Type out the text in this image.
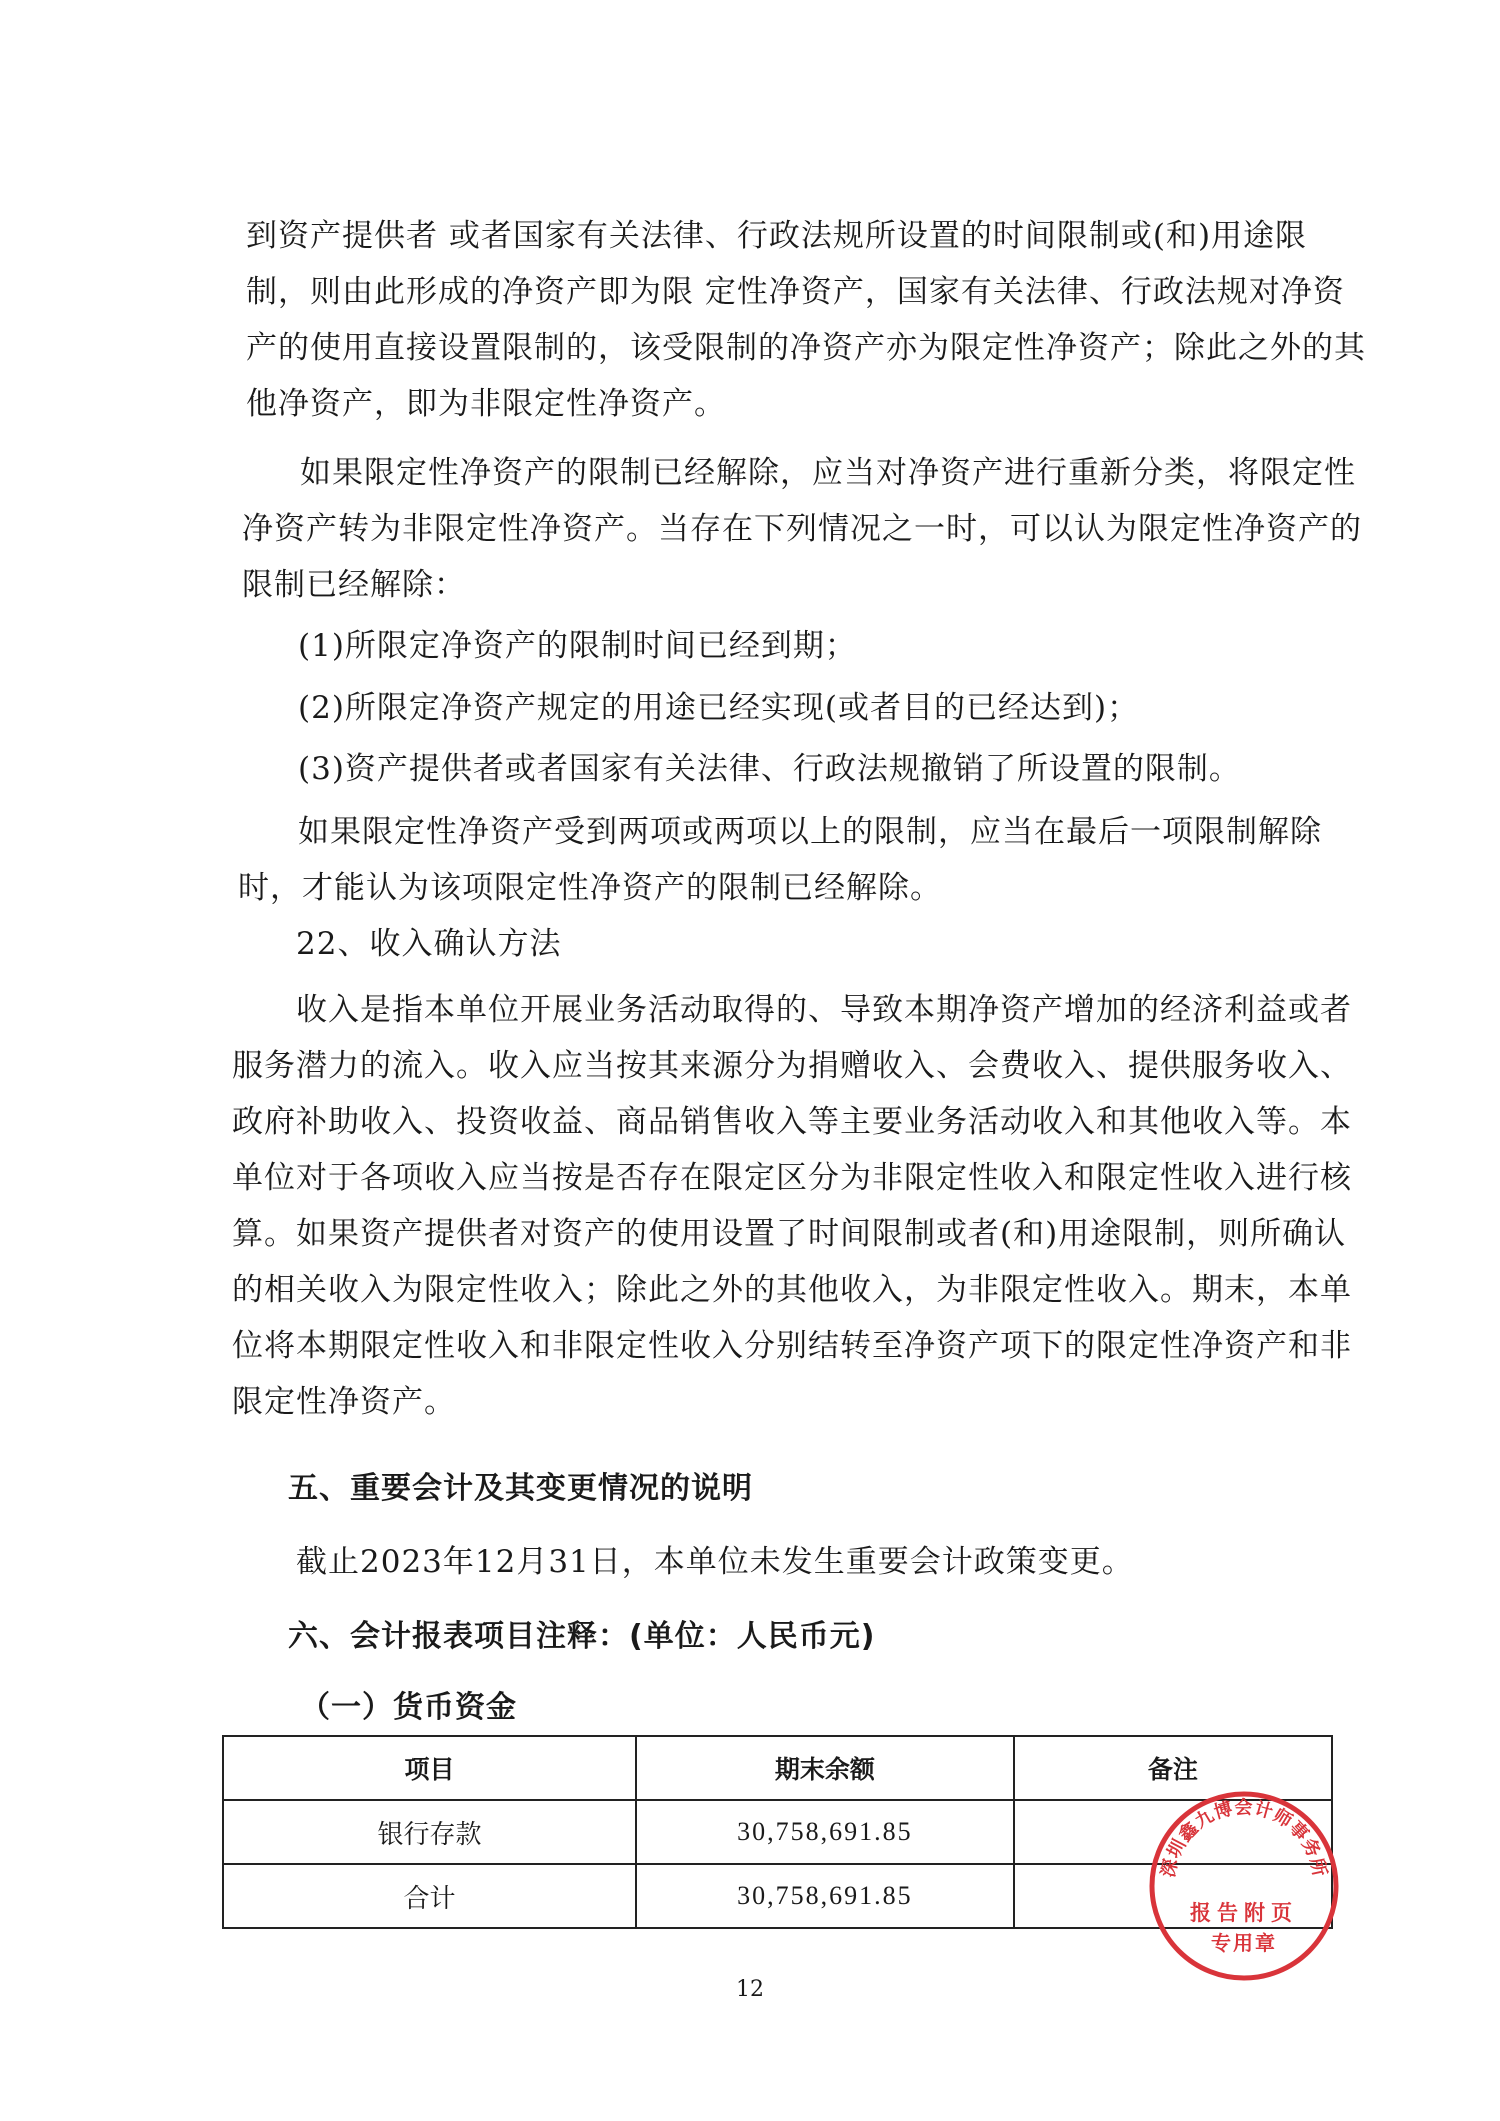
到资产提供者 或者国家有关法律、行政法规所设置的时间限制或(和)用途限
制，则由此形成的净资产即为限 定性净资产，国家有关法律、行政法规对净资
产的使用直接设置限制的，该受限制的净资产亦为限定性净资产；除此之外的其
他净资产，即为非限定性净资产。
如果限定性净资产的限制已经解除，应当对净资产进行重新分类，将限定性
净资产转为非限定性净资产。当存在下列情况之一时，可以认为限定性净资产的
限制已经解除：
(1)所限定净资产的限制时间已经到期；
(2)所限定净资产规定的用途已经实现(或者目的已经达到)；
(3)资产提供者或者国家有关法律、行政法规撤销了所设置的限制。
如果限定性净资产受到两项或两项以上的限制，应当在最后一项限制解除
时，才能认为该项限定性净资产的限制已经解除。
22、收入确认方法
收入是指本单位开展业务活动取得的、导致本期净资产增加的经济利益或者
服务潜力的流入。收入应当按其来源分为捐赠收入、会费收入、提供服务收入、
政府补助收入、投资收益、商品销售收入等主要业务活动收入和其他收入等。本
单位对于各项收入应当按是否存在限定区分为非限定性收入和限定性收入进行核
算。如果资产提供者对资产的使用设置了时间限制或者(和)用途限制，则所确认
的相关收入为限定性收入；除此之外的其他收入，为非限定性收入。期末，本单
位将本期限定性收入和非限定性收入分别结转至净资产项下的限定性净资产和非
限定性净资产。
五、重要会计及其变更情况的说明
截止2023年12月31日，本单位未发生重要会计政策变更。
六、会计报表项目注释：(单位：人民币元)
（一）货币资金
项目	期末余额	备注
银行存款	30,758,691.85	
合计	30,758,691.85	
深圳鑫九博会计师事务所
报告附页
专用章
12
